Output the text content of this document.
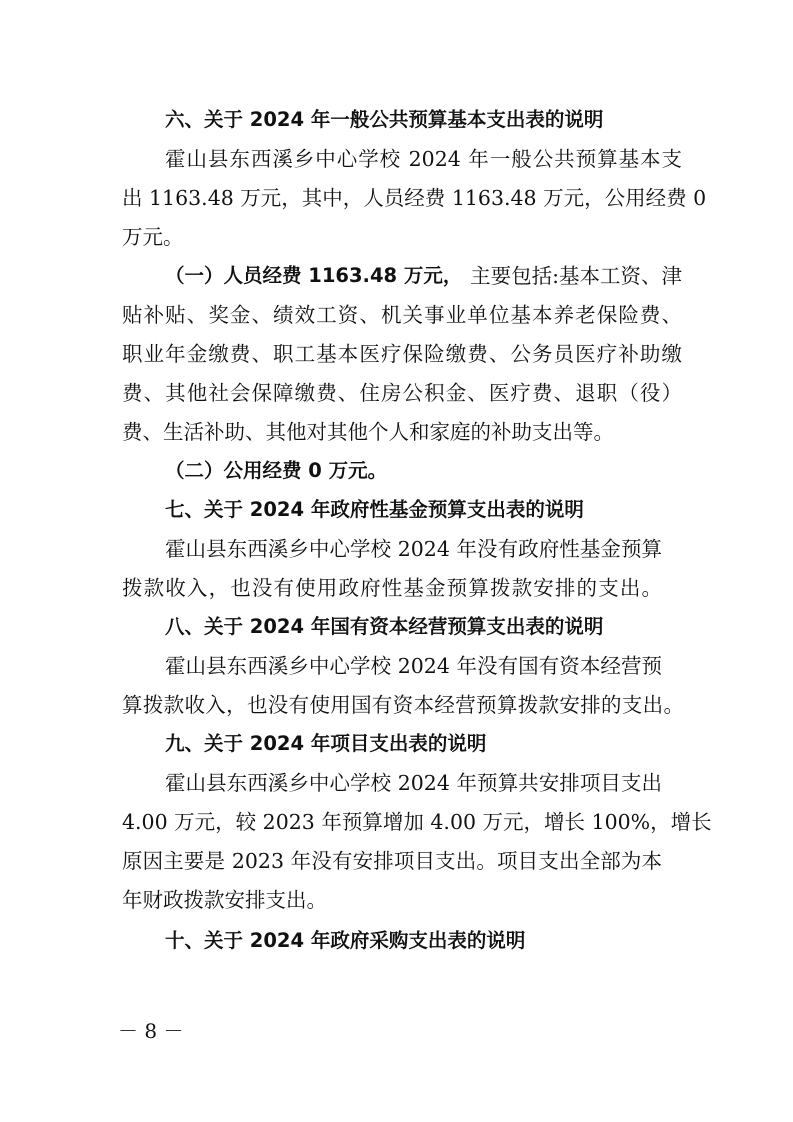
六、关于 2024 年一般公共预算基本支出表的说明
霍山县东西溪乡中心学校 2024 年一般公共预算基本支
出 1163.48 万元，其中，人员经费 1163.48 万元，公用经费 0
万元。
（一）人员经费 1163.48 万元， 主要包括:基本工资、津
贴补贴、奖金、绩效工资、机关事业单位基本养老保险费、
职业年金缴费、职工基本医疗保险缴费、公务员医疗补助缴
费、其他社会保障缴费、住房公积金、医疗费、退职（役）
费、生活补助、其他对其他个人和家庭的补助支出等。
（二）公用经费 0 万元。
七、关于 2024 年政府性基金预算支出表的说明
霍山县东西溪乡中心学校 2024 年没有政府性基金预算
拨款收入，也没有使用政府性基金预算拨款安排的支出。
八、关于 2024 年国有资本经营预算支出表的说明
霍山县东西溪乡中心学校 2024 年没有国有资本经营预
算拨款收入，也没有使用国有资本经营预算拨款安排的支出。
九、关于 2024 年项目支出表的说明
霍山县东西溪乡中心学校 2024 年预算共安排项目支出
4.00 万元，较 2023 年预算增加 4.00 万元，增长 100%，增长
原因主要是 2023 年没有安排项目支出。项目支出全部为本
年财政拨款安排支出。
十、关于 2024 年政府采购支出表的说明
－ 8 －
